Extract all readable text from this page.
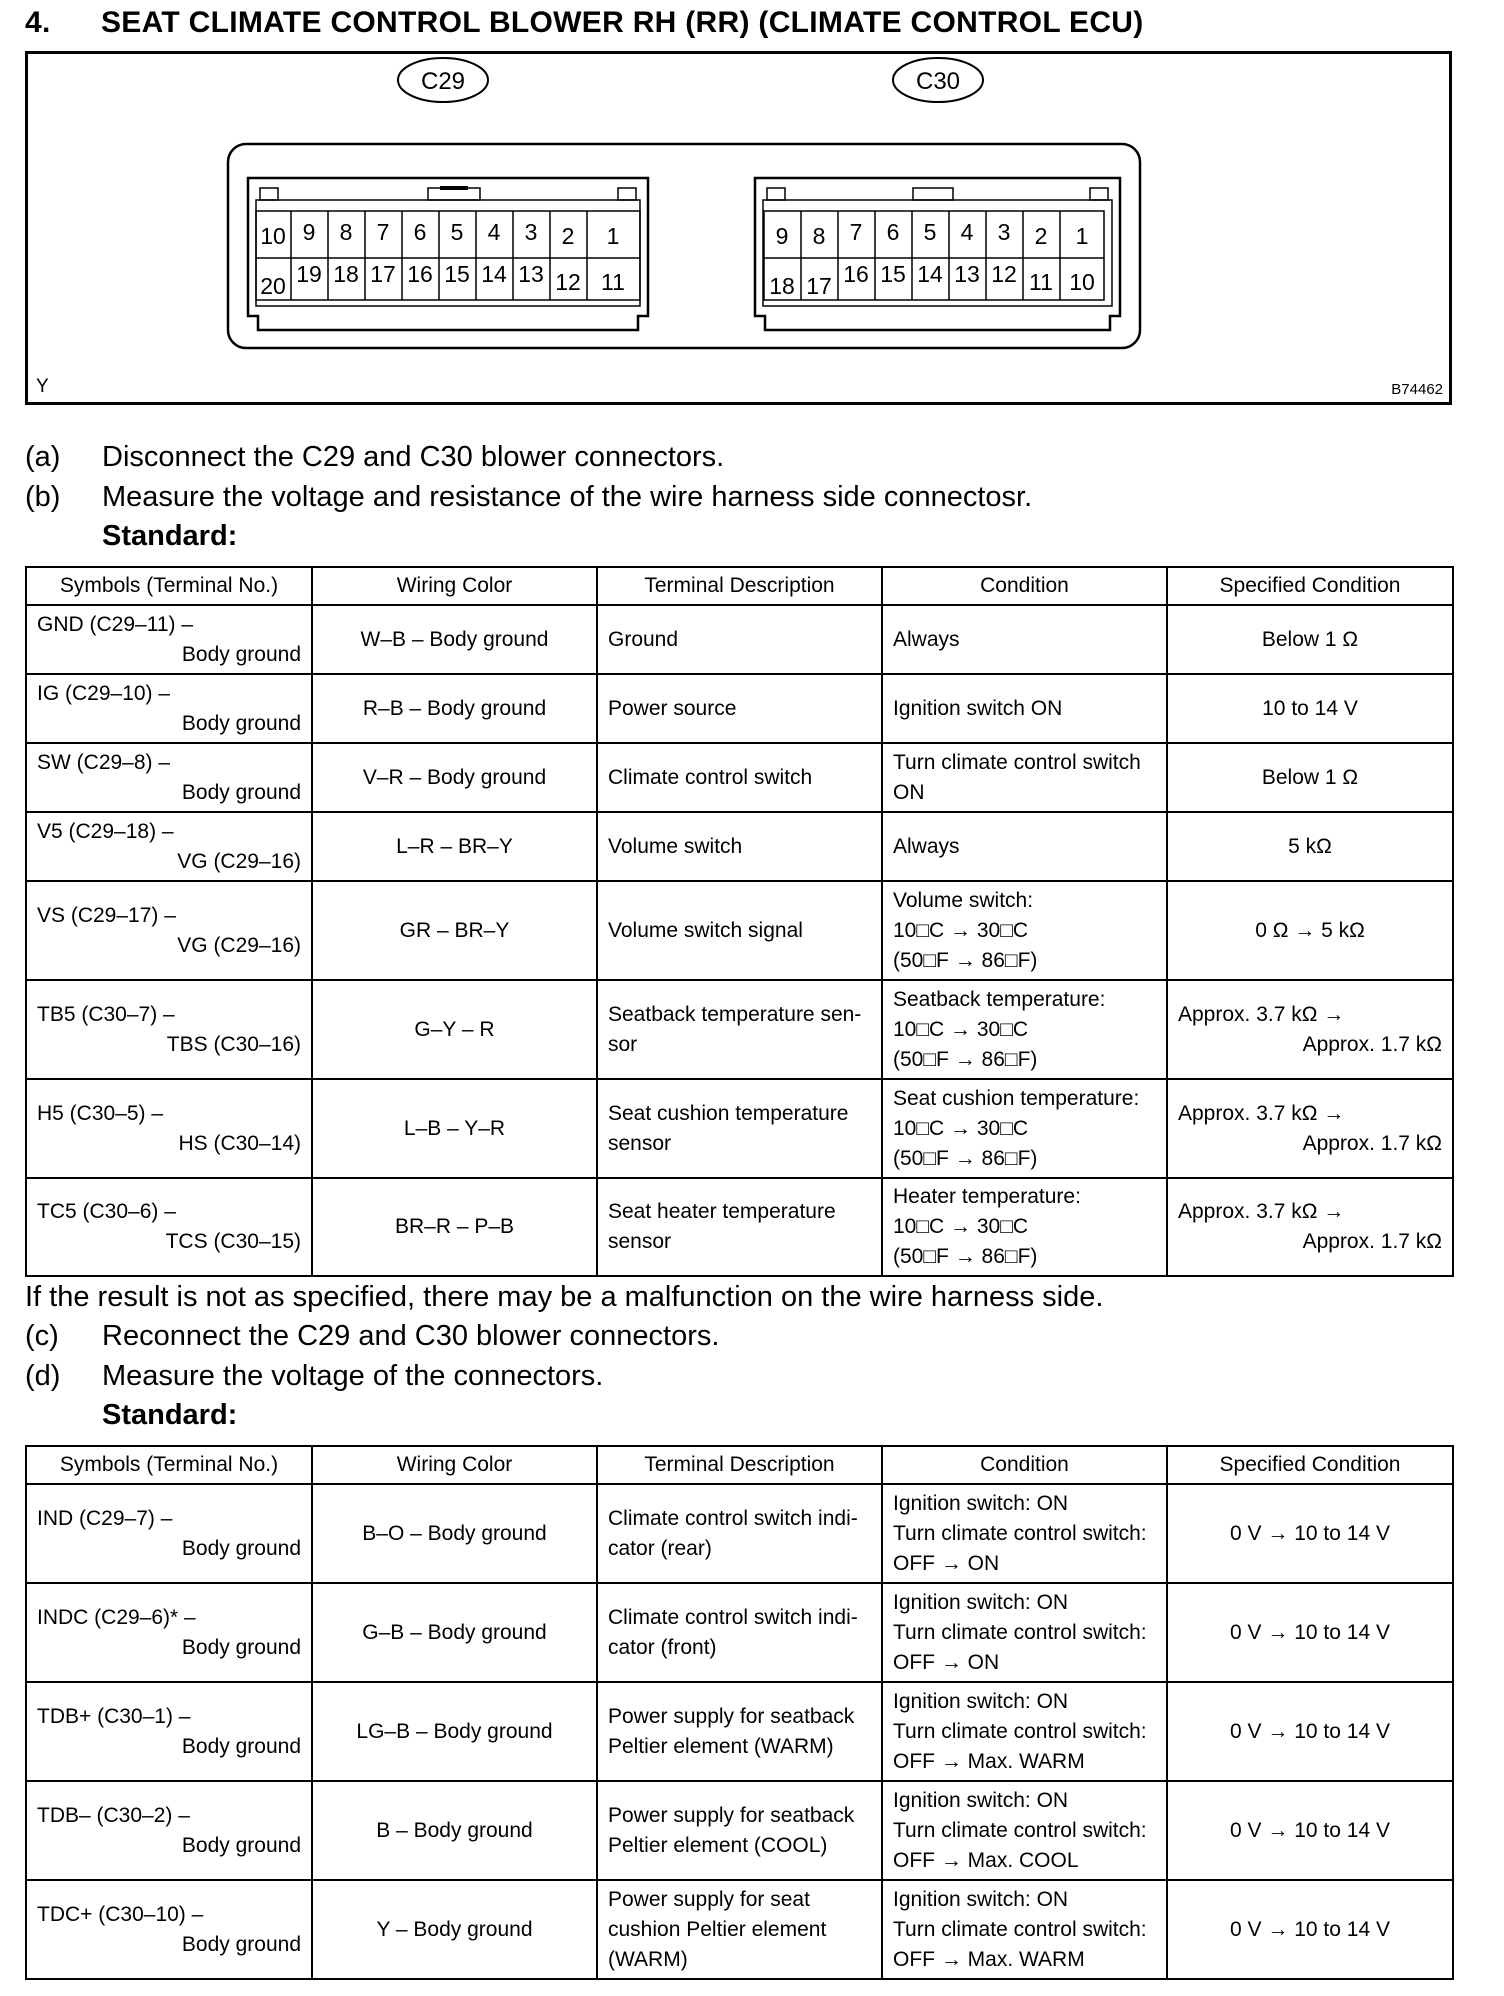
4. SEAT CLIMATE CONTROL BLOWER RH (RR) (CLIMATE CONTROL ECU)
C29	C30
10 9 8 7 6 5 4 3 2 1
20 19 18 17 16 15 14 13 12 11
9 8 7 6 5 4 3 2 1
18 17 16 15 14 13 12 11 10
Y	B74462
(a) Disconnect the C29 and C30 blower connectors.
(b) Measure the voltage and resistance of the wire harness side connectosr.
Standard:
Symbols (Terminal No.)	Wiring Color	Terminal Description	Condition	Specified Condition

GND (C29–11) –
Body ground	W–B – Body ground	Ground	Always	Below 1 Ω

IG (C29–10) –
Body ground	R–B – Body ground	Power source	Ignition switch ON	10 to 14 V

SW (C29–8) –
Body ground	V–R – Body ground	Climate control switch	Turn climate control switch
ON	Below 1 Ω

V5 (C29–18) –
VG (C29–16)	L–R – BR–Y	Volume switch	Always	5 kΩ

VS (C29–17) –
VG (C29–16)	GR – BR–Y	Volume switch signal	Volume switch:
10□C → 30□C
(50□F → 86□F)	0 Ω → 5 kΩ

TB5 (C30–7) –
TBS (C30–16)	G–Y – R	Seatback temperature sen-
sor	Seatback temperature:
10□C → 30□C
(50□F → 86□F)	Approx. 3.7 kΩ →
Approx. 1.7 kΩ

H5 (C30–5) –
HS (C30–14)	L–B – Y–R	Seat cushion temperature
sensor	Seat cushion temperature:
10□C → 30□C
(50□F → 86□F)	Approx. 3.7 kΩ →
Approx. 1.7 kΩ

TC5 (C30–6) –
TCS (C30–15)	BR–R – P–B	Seat heater temperature
sensor	Heater temperature:
10□C → 30□C
(50□F → 86□F)	Approx. 3.7 kΩ →
Approx. 1.7 kΩ
If the result is not as specified, there may be a malfunction on the wire harness side.
(c) Reconnect the C29 and C30 blower connectors.
(d) Measure the voltage of the connectors.
Standard:
Symbols (Terminal No.)	Wiring Color	Terminal Description	Condition	Specified Condition

IND (C29–7) –
Body ground	B–O – Body ground	Climate control switch indi-
cator (rear)	Ignition switch: ON
Turn climate control switch:
OFF → ON	0 V → 10 to 14 V

INDC (C29–6)* –
Body ground	G–B – Body ground	Climate control switch indi-
cator (front)	Ignition switch: ON
Turn climate control switch:
OFF → ON	0 V → 10 to 14 V

TDB+ (C30–1) –
Body ground	LG–B – Body ground	Power supply for seatback
Peltier element (WARM)	Ignition switch: ON
Turn climate control switch:
OFF → Max. WARM	0 V → 10 to 14 V

TDB– (C30–2) –
Body ground	B – Body ground	Power supply for seatback
Peltier element (COOL)	Ignition switch: ON
Turn climate control switch:
OFF → Max. COOL	0 V → 10 to 14 V

TDC+ (C30–10) –
Body ground	Y – Body ground	Power supply for seat
cushion Peltier element
(WARM)	Ignition switch: ON
Turn climate control switch:
OFF → Max. WARM	0 V → 10 to 14 V
